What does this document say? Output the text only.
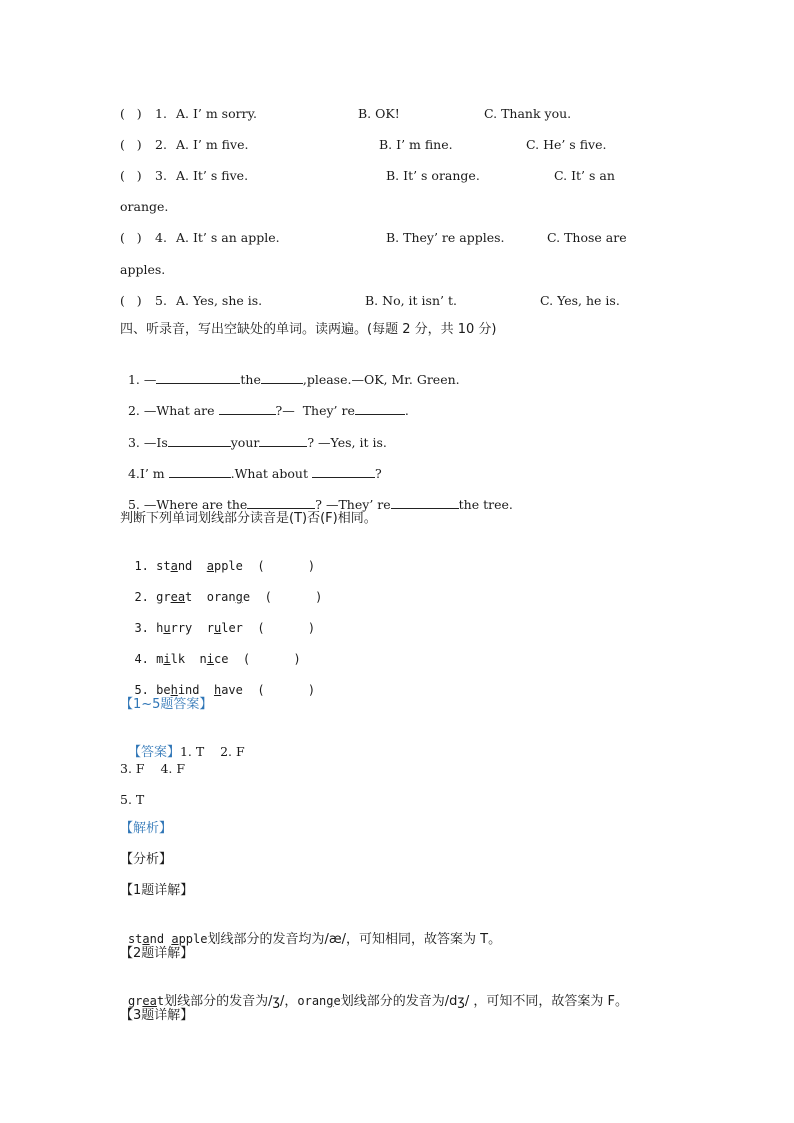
(   ) 1. A. I’ m sorry.	B. OK!	C. Thank you.
(   ) 2. A. I’ m five.	B. I’ m fine.	C. He’ s five.
(   ) 3. A. It’ s five.	B. It’ s orange.	C. It’ s an
orange.
(   ) 4. A. It’ s an apple.	B. They’ re apples.	C. Those are
apples.
(   ) 5. A. Yes, she is.	B. No, it isn’ t.	C. Yes, he is.
四、听录音，写出空缺处的单词。读两遍。(每题 2 分，共 10 分)

1. —	the	,please.—OK, Mr. Green.

2. —What are	?—  They’ re	.

3. —Is	your	? —Yes, it is.

4.I’ m	.What about	?

5. —Where are the	? —They’ re	the tree.

判断下列单词划线部分读音是(T)否(F)相同。

1. stand apple (      )

2. great orange (      )

3. hurry ruler (      )

4. milk nice (      )

5. behind have (      )

【1~5题答案】

【答案】1. T    2. F

3. F    4. F
5. T
【解析】
【分析】
【1题详解】

stand apple划线部分的发音均为/æ/，可知相同，故答案为 T。

【2题详解】

great划线部分的发音为/ʒ/，orange划线部分的发音为/dʒ/ ，可知不同，故答案为 F。

【3题详解】
